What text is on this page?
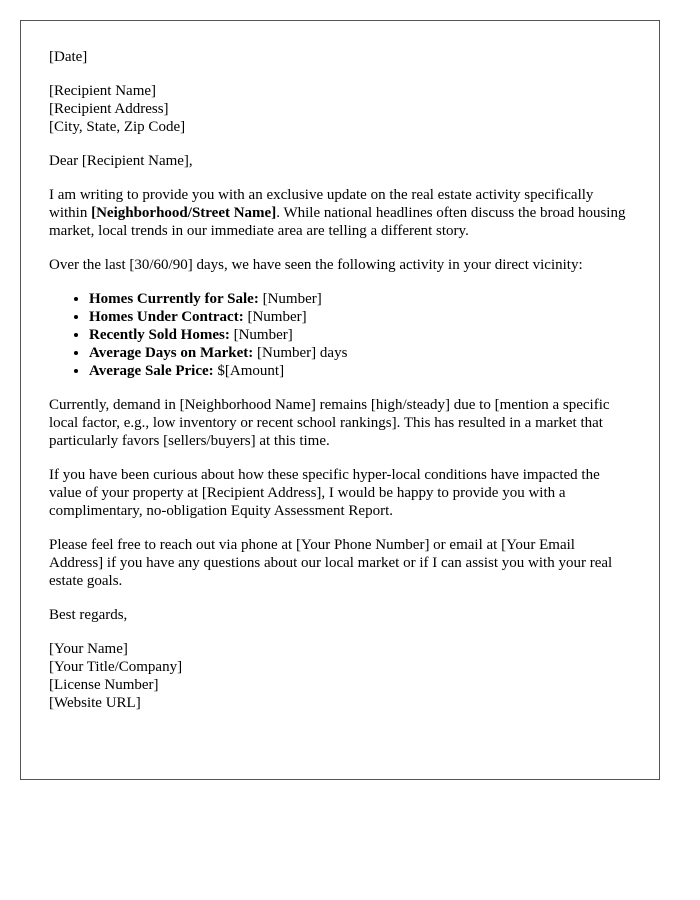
[Date]

[Recipient Name]
[Recipient Address]
[City, State, Zip Code]

Dear [Recipient Name],

I am writing to provide you with an exclusive update on the real estate activity specifically within [Neighborhood/Street Name]. While national headlines often discuss the broad housing market, local trends in our immediate area are telling a different story.

Over the last [30/60/90] days, we have seen the following activity in your direct vicinity:

• Homes Currently for Sale: [Number]
• Homes Under Contract: [Number]
• Recently Sold Homes: [Number]
• Average Days on Market: [Number] days
• Average Sale Price: $[Amount]

Currently, demand in [Neighborhood Name] remains [high/steady] due to [mention a specific local factor, e.g., low inventory or recent school rankings]. This has resulted in a market that particularly favors [sellers/buyers] at this time.

If you have been curious about how these specific hyper-local conditions have impacted the value of your property at [Recipient Address], I would be happy to provide you with a complimentary, no-obligation Equity Assessment Report.

Please feel free to reach out via phone at [Your Phone Number] or email at [Your Email Address] if you have any questions about our local market or if I can assist you with your real estate goals.

Best regards,

[Your Name]
[Your Title/Company]
[License Number]
[Website URL]
